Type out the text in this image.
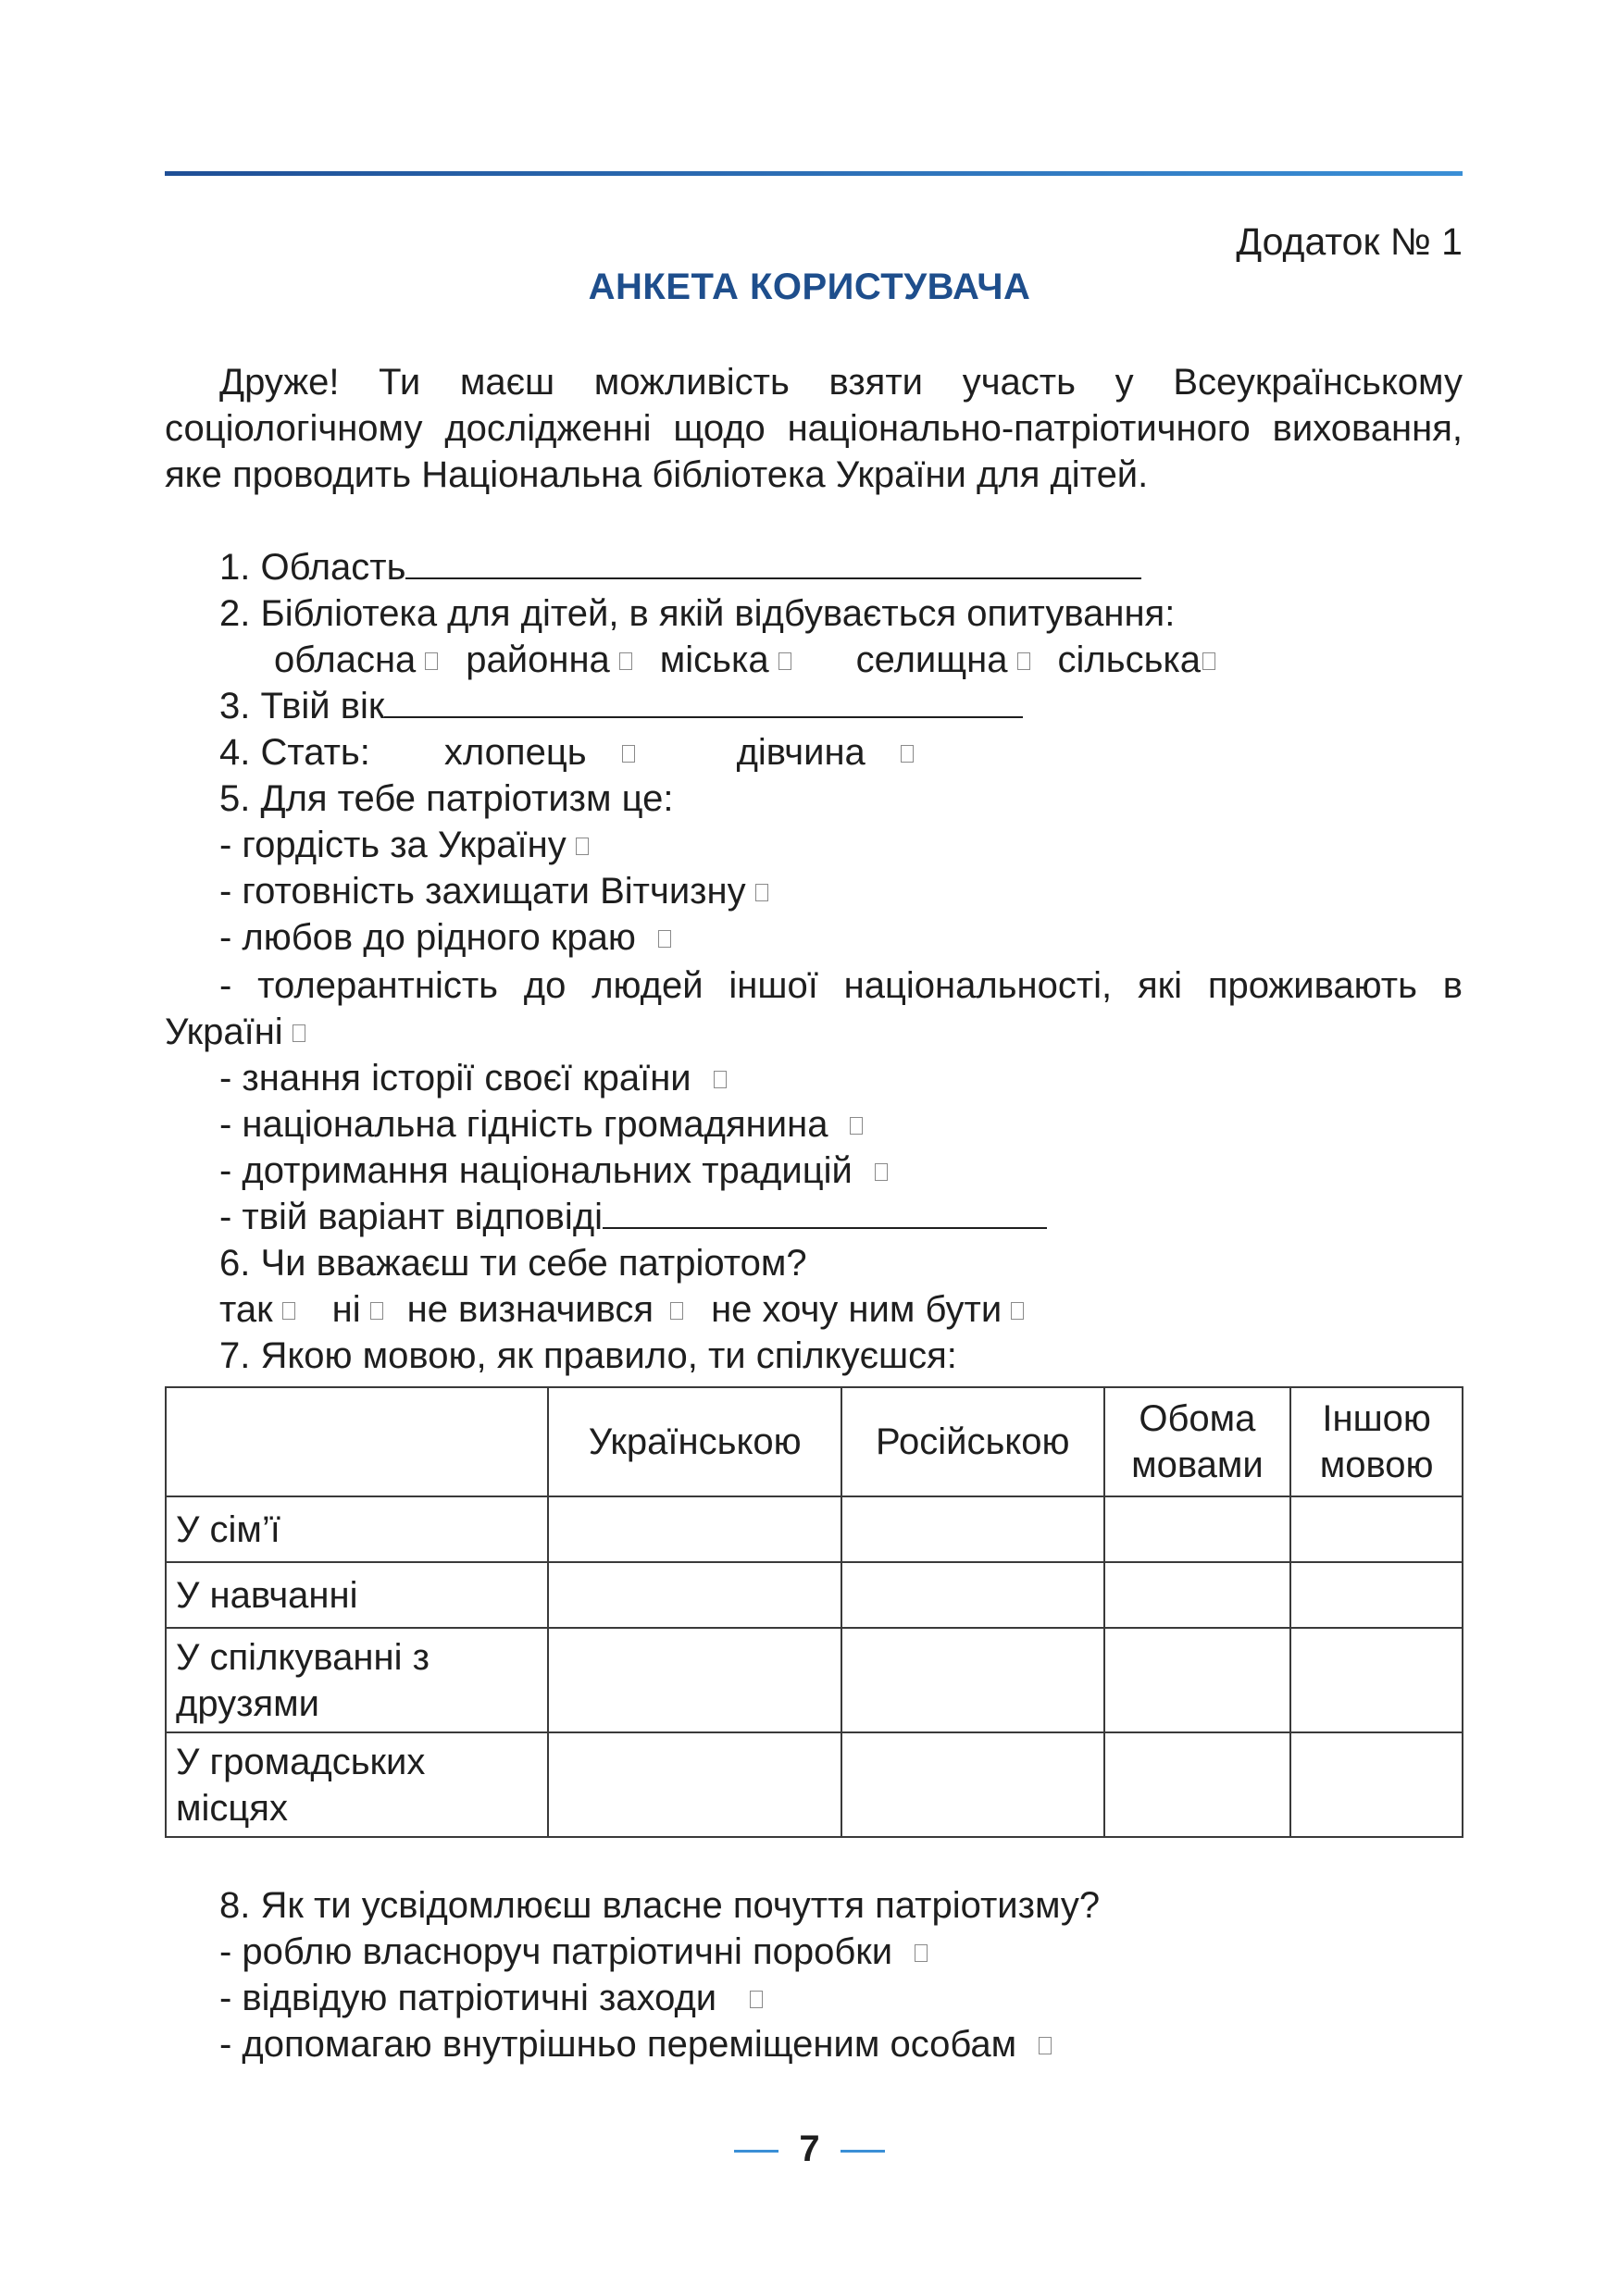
Додаток № 1
АНКЕТА КОРИСТУВАЧА

Друже! Ти маєш можливість взяти участь у Всеукраїнському соціологічному дослідженні щодо національно-патріотичного виховання, яке проводить Національна бібліотека України для дітей.

1. Область
2. Бібліотека для дітей, в якій відбувається опитування:
обласна районна міська селищна сільська
3. Твій вік
4. Стать: хлопець	дівчина
5. Для тебе патріотизм це:
- гордість за Україну
- готовність захищати Вітчизну
- любов до рідного краю
- толерантність до людей іншої національності, які проживають в
Україні
- знання історії своєї країни
- національна гідність громадянина
- дотримання національних традицій
- твій варіант відповіді
6. Чи вважаєш ти себе патріотом?
так ні не визначився не хочу ним бути
7. Якою мовою, як правило, ти спілкуєшся:
	Українською	Російською	Обома мовами	Іншою мовою
У сім’ї				
У навчанні				
У спілкуванні з друзями				
У громадських місцях				
8. Як ти усвідомлюєш власне почуття патріотизму?
- роблю власноруч патріотичні поробки
- відвідую патріотичні заходи
- допомагаю внутрішньо переміщеним особам
7
